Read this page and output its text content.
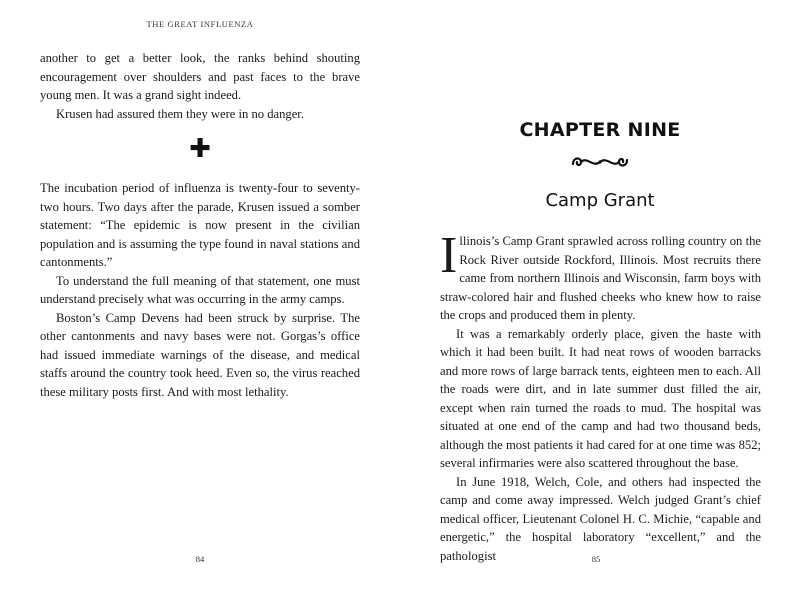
THE GREAT INFLUENZA

another to get a better look, the ranks behind shouting encouragement over shoulders and past faces to the brave young men. It was a grand sight indeed.

Krusen had assured them they were in no danger.

✚

The incubation period of influenza is twenty-four to seventy-two hours. Two days after the parade, Krusen issued a somber statement: “The epidemic is now present in the civilian population and is assuming the type found in naval stations and cantonments.”

To understand the full meaning of that statement, one must understand precisely what was occurring in the army camps.

Boston’s Camp Devens had been struck by surprise. The other cantonments and navy bases were not. Gorgas’s office had issued immediate warnings of the disease, and medical staffs around the country took heed. Even so, the virus reached these military posts first. And with most lethality.

84
CHAPTER NINE
Camp Grant

Illinois’s Camp Grant sprawled across rolling country on the Rock River outside Rockford, Illinois. Most recruits there came from northern Illinois and Wisconsin, farm boys with straw-colored hair and flushed cheeks who knew how to raise the crops and produced them in plenty.

It was a remarkably orderly place, given the haste with which it had been built. It had neat rows of wooden barracks and more rows of large barrack tents, eighteen men to each. All the roads were dirt, and in late summer dust filled the air, except when rain turned the roads to mud. The hospital was situated at one end of the camp and had two thousand beds, although the most patients it had cared for at one time was 852; several infirmaries were also scattered throughout the base.

In June 1918, Welch, Cole, and others had inspected the camp and come away impressed. Welch judged Grant’s chief medical officer, Lieutenant Colonel H. C. Michie, “capable and energetic,” the hospital laboratory “excellent,” and the pathologist	85
